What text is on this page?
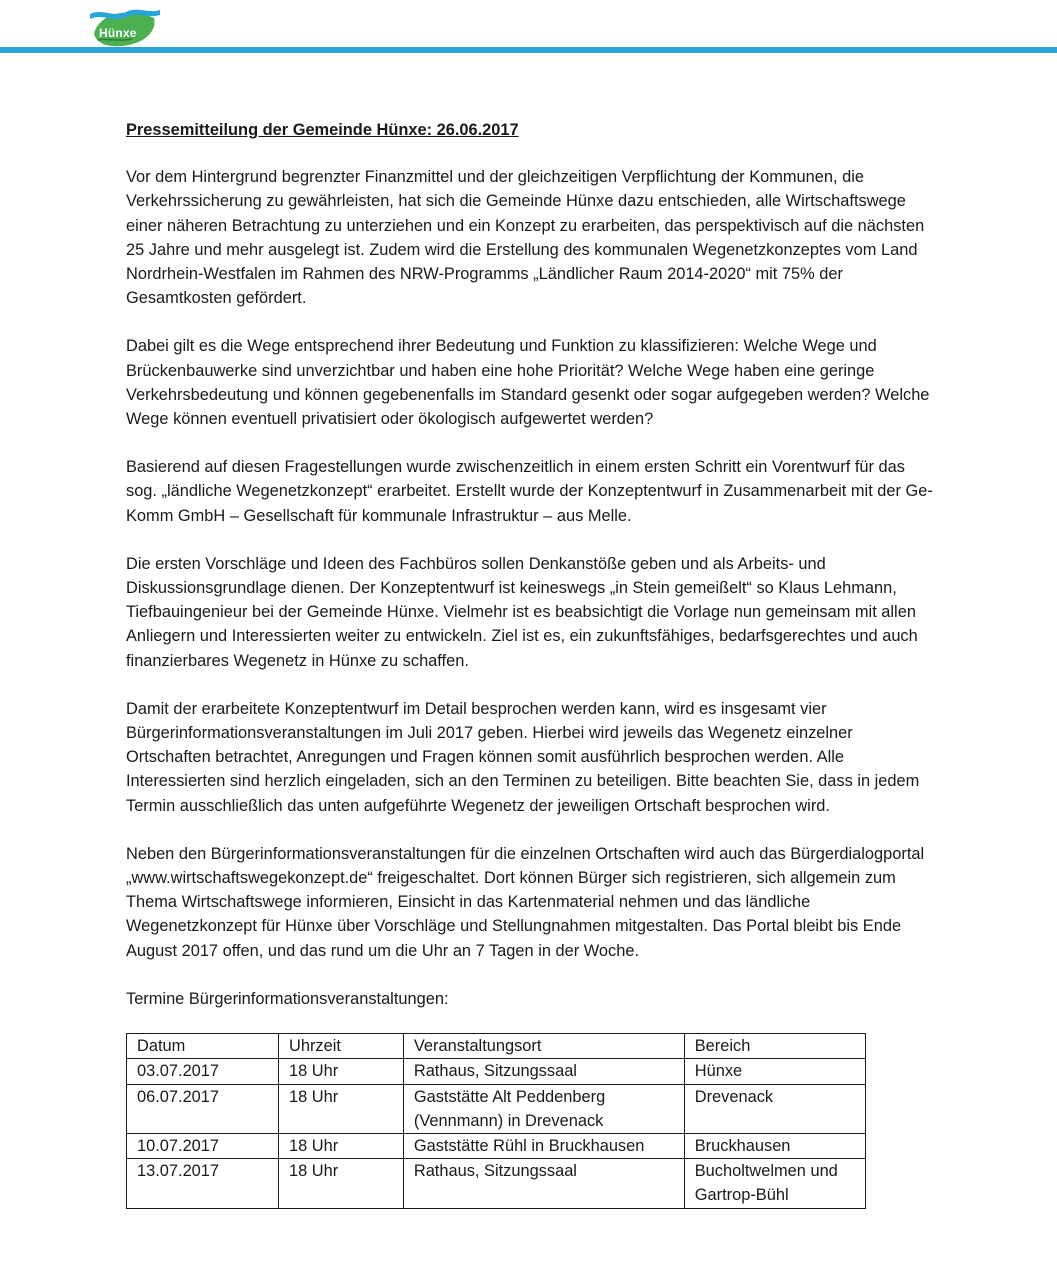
Hünxe
Pressemitteilung der Gemeinde Hünxe: 26.06.2017

Vor dem Hintergrund begrenzter Finanzmittel und der gleichzeitigen Verpflichtung der Kommunen, die Verkehrssicherung zu gewährleisten, hat sich die Gemeinde Hünxe dazu entschieden, alle Wirtschaftswege einer näheren Betrachtung zu unterziehen und ein Konzept zu erarbeiten, das perspektivisch auf die nächsten 25 Jahre und mehr ausgelegt ist. Zudem wird die Erstellung des kommunalen Wegenetzkonzeptes vom Land Nordrhein-Westfalen im Rahmen des NRW-Programms „Ländlicher Raum 2014-2020“ mit 75% der Gesamtkosten gefördert.

Dabei gilt es die Wege entsprechend ihrer Bedeutung und Funktion zu klassifizieren: Welche Wege und Brückenbauwerke sind unverzichtbar und haben eine hohe Priorität? Welche Wege haben eine geringe Verkehrsbedeutung und können gegebenenfalls im Standard gesenkt oder sogar aufgegeben werden? Welche Wege können eventuell privatisiert oder ökologisch aufgewertet werden?

Basierend auf diesen Fragestellungen wurde zwischenzeitlich in einem ersten Schritt ein Vorentwurf für das sog. „ländliche Wegenetzkonzept“ erarbeitet. Erstellt wurde der Konzeptentwurf in Zusammenarbeit mit der Ge-Komm GmbH – Gesellschaft für kommunale Infrastruktur – aus Melle.

Die ersten Vorschläge und Ideen des Fachbüros sollen Denkanstöße geben und als Arbeits- und Diskussionsgrundlage dienen. Der Konzeptentwurf ist keineswegs „in Stein gemeißelt“ so Klaus Lehmann, Tiefbauingenieur bei der Gemeinde Hünxe. Vielmehr ist es beabsichtigt die Vorlage nun gemeinsam mit allen Anliegern und Interessierten weiter zu entwickeln. Ziel ist es, ein zukunftsfähiges, bedarfsgerechtes und auch finanzierbares Wegenetz in Hünxe zu schaffen.

Damit der erarbeitete Konzeptentwurf im Detail besprochen werden kann, wird es insgesamt vier Bürgerinformationsveranstaltungen im Juli 2017 geben. Hierbei wird jeweils das Wegenetz einzelner Ortschaften betrachtet, Anregungen und Fragen können somit ausführlich besprochen werden. Alle Interessierten sind herzlich eingeladen, sich an den Terminen zu beteiligen. Bitte beachten Sie, dass in jedem Termin ausschließlich das unten aufgeführte Wegenetz der jeweiligen Ortschaft besprochen wird.

Neben den Bürgerinformationsveranstaltungen für die einzelnen Ortschaften wird auch das Bürgerdialogportal „www.wirtschaftswegekonzept.de“ freigeschaltet. Dort können Bürger sich registrieren, sich allgemein zum Thema Wirtschaftswege informieren, Einsicht in das Kartenmaterial nehmen und das ländliche Wegenetzkonzept für Hünxe über Vorschläge und Stellungnahmen mitgestalten. Das Portal bleibt bis Ende August 2017 offen, und das rund um die Uhr an 7 Tagen in der Woche.

Termine Bürgerinformationsveranstaltungen:

Datum	Uhrzeit	Veranstaltungsort	Bereich
03.07.2017	18 Uhr	Rathaus, Sitzungssaal	Hünxe
06.07.2017	18 Uhr	Gaststätte Alt Peddenberg (Vennmann) in Drevenack	Drevenack
10.07.2017	18 Uhr	Gaststätte Rühl in Bruckhausen	Bruckhausen
13.07.2017	18 Uhr	Rathaus, Sitzungssaal	Bucholtwelmen und Gartrop-Bühl
